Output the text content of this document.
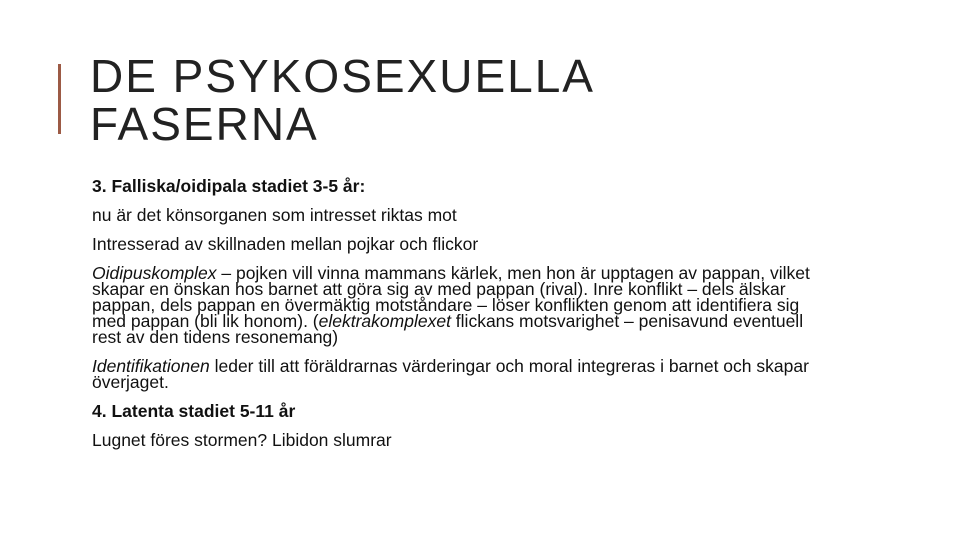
DE PSYKOSEXUELLA
FASERNA

3. Falliska/oidipala stadiet 3-5 år:

nu är det könsorganen som intresset riktas mot

Intresserad av skillnaden mellan pojkar och flickor

Oidipuskomplex – pojken vill vinna mammans kärlek, men hon är upptagen av pappan, vilket skapar en önskan hos barnet att göra sig av med pappan (rival). Inre konflikt – dels älskar pappan, dels pappan en övermäktig motståndare – löser konflikten genom att identifiera sig med pappan (bli lik honom). (elektrakomplexet flickans motsvarighet – penisavund eventuell rest av den tidens resonemang)

Identifikationen leder till att föräldrarnas värderingar och moral integreras i barnet och skapar överjaget.

4. Latenta stadiet 5-11 år

Lugnet föres stormen? Libidon slumrar
